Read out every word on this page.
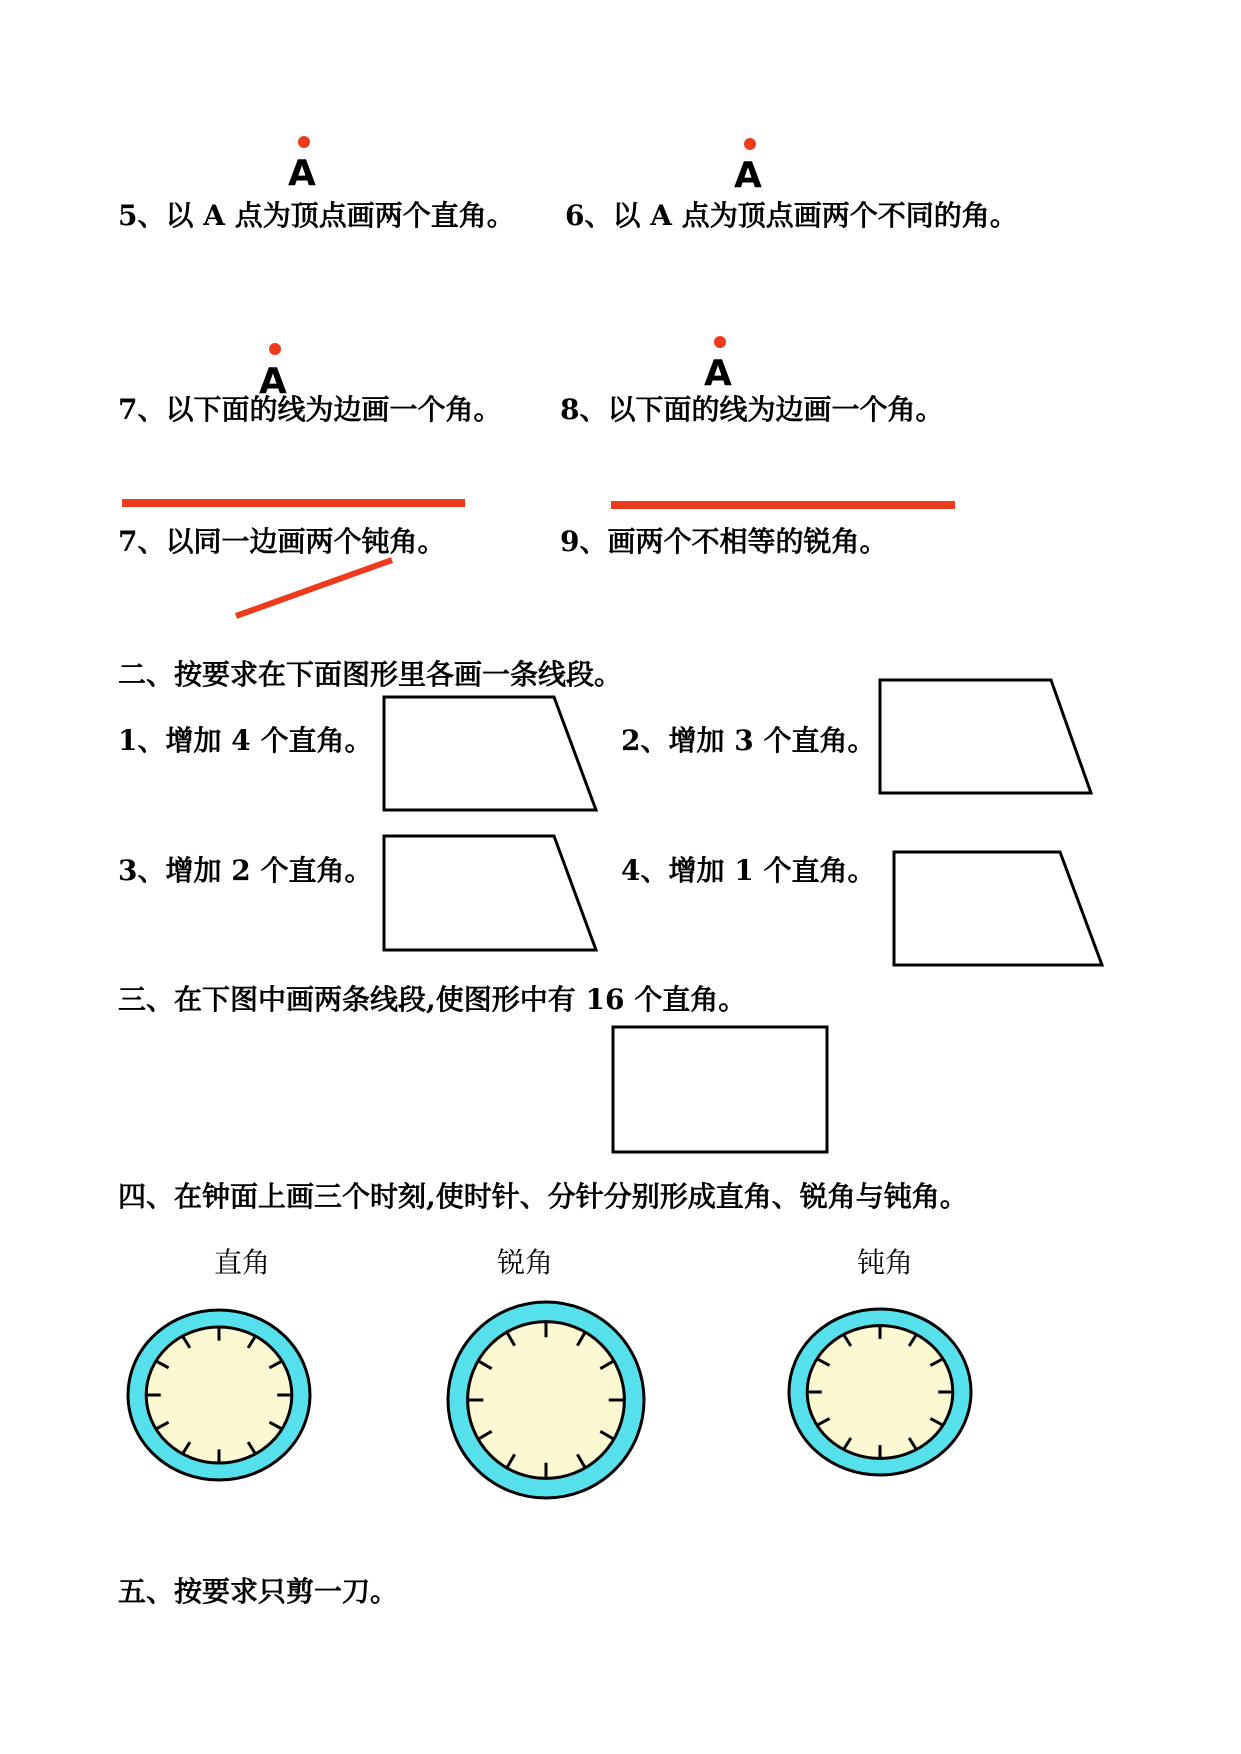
A	A
A	A
5、以 A 点为顶点画两个直角。 6、以 A 点为顶点画两个不同的角。
7、以下面的线为边画一个角。 8、以下面的线为边画一个角。
7、以同一边画两个钝角。	9、画两个不相等的锐角。
二、按要求在下面图形里各画一条线段。
1、增加 4 个直角。	2、增加 3 个直角。
3、增加 2 个直角。	4、增加 1 个直角。
三、在下图中画两条线段,使图形中有 16 个直角。
四、在钟面上画三个时刻,使时针、分针分别形成直角、锐角与钝角。
直角	锐角	钝角
五、按要求只剪一刀。
